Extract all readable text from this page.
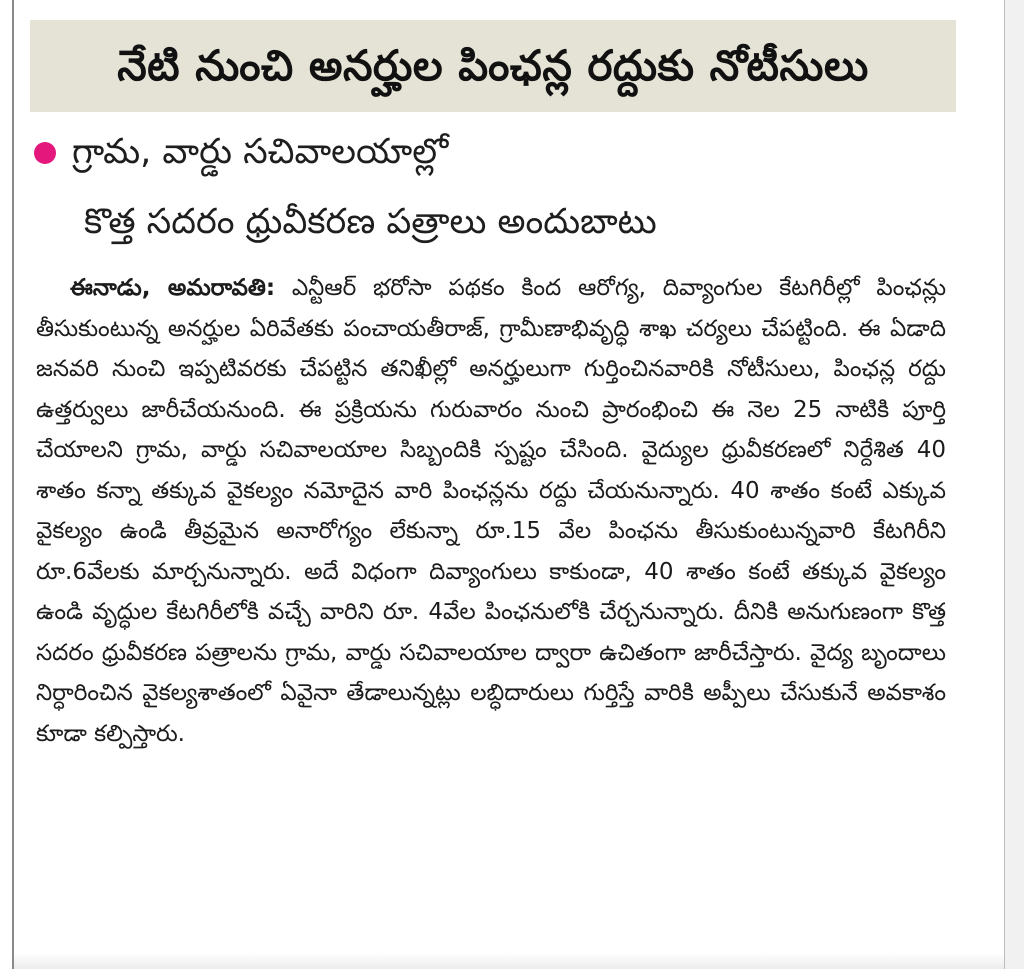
నేటి నుంచి అనర్హుల పింఛన్ల రద్దుకు నోటీసులు
గ్రామ, వార్డు సచివాలయాల్లో
కొత్త సదరం ధ్రువీకరణ పత్రాలు అందుబాటు

ఈనాడు, అమరావతి: ఎన్టీఆర్ భరోసా పథకం కింద ఆరోగ్య, దివ్యాంగుల కేటగిరీల్లో పింఛన్లు తీసుకుంటున్న అనర్హుల ఏరివేతకు పంచాయతీరాజ్, గ్రామీణాభివృద్ధి శాఖ చర్యలు చేపట్టింది. ఈ ఏడాది జనవరి నుంచి ఇప్పటివరకు చేపట్టిన తనిఖీల్లో అనర్హులుగా గుర్తించినవారికి నోటీసులు, పింఛన్ల రద్దు ఉత్తర్వులు జారీచేయనుంది. ఈ ప్రక్రియను గురువారం నుంచి ప్రారంభించి ఈ నెల 25 నాటికి పూర్తి చేయాలని గ్రామ, వార్డు సచివాలయాల సిబ్బందికి స్పష్టం చేసింది. వైద్యుల ధ్రువీకరణలో నిర్దేశిత 40 శాతం కన్నా తక్కువ వైకల్యం నమోదైన వారి పింఛన్లను రద్దు చేయనున్నారు. 40 శాతం కంటే ఎక్కువ వైకల్యం ఉండి తీవ్రమైన అనారోగ్యం లేకున్నా రూ.15 వేల పింఛను తీసుకుంటున్నవారి కేటగిరీని రూ.6వేలకు మార్చనున్నారు. అదే విధంగా దివ్యాంగులు కాకుండా, 40 శాతం కంటే తక్కువ వైకల్యం ఉండి వృద్ధుల కేటగిరీలోకి వచ్చే వారిని రూ. 4వేల పింఛనులోకి చేర్చనున్నారు. దీనికి అనుగుణంగా కొత్త సదరం ధ్రువీకరణ పత్రాలను గ్రామ, వార్డు సచివాలయాల ద్వారా ఉచితంగా జారీచేస్తారు. వైద్య బృందాలు నిర్ధారించిన వైకల్యశాతంలో ఏవైనా తేడాలున్నట్లు లబ్ధిదారులు గుర్తిస్తే వారికి అప్పీలు చేసుకునే అవకాశం కూడా కల్పిస్తారు.
